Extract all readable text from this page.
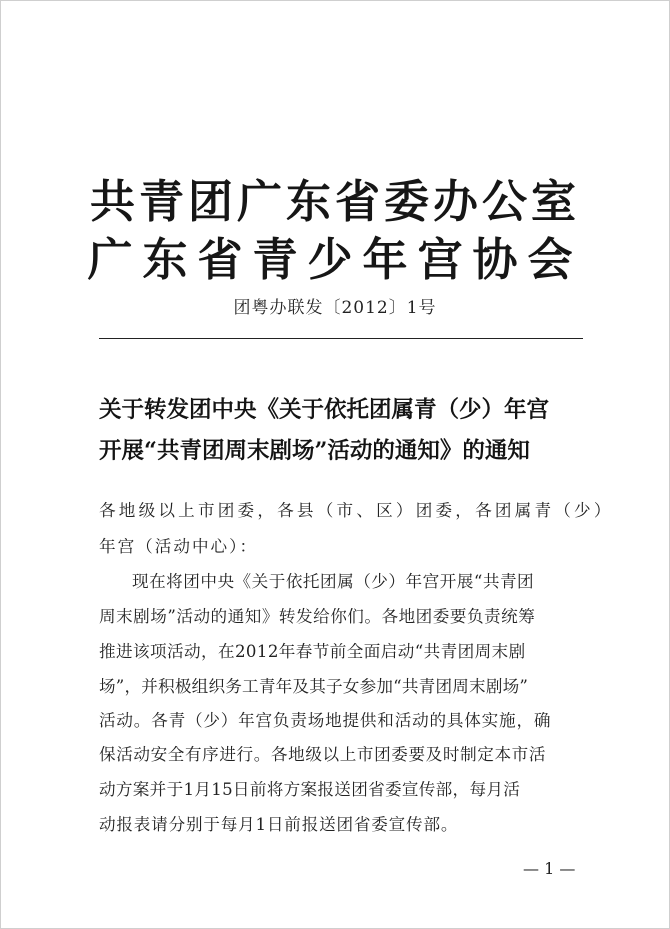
共青团广东省委办公室
广东省青少年宫协会
团粤办联发〔2012〕1号
关于转发团中央《关于依托团属青（少）年宫
开展“共青团周末剧场”活动的通知》的通知
各地级以上市团委，各县（市、区）团委，各团属青（少）
年宫（活动中心）：
现在将团中央《关于依托团属（少）年宫开展“共青团
周末剧场”活动的通知》转发给你们。各地团委要负责统筹
推进该项活动，在2012年春节前全面启动“共青团周末剧
场”，并积极组织务工青年及其子女参加“共青团周末剧场”
活动。各青（少）年宫负责场地提供和活动的具体实施，确
保活动安全有序进行。各地级以上市团委要及时制定本市活
动方案并于1月15日前将方案报送团省委宣传部，每月活
动报表请分别于每月1日前报送团省委宣传部。
— 1 —
